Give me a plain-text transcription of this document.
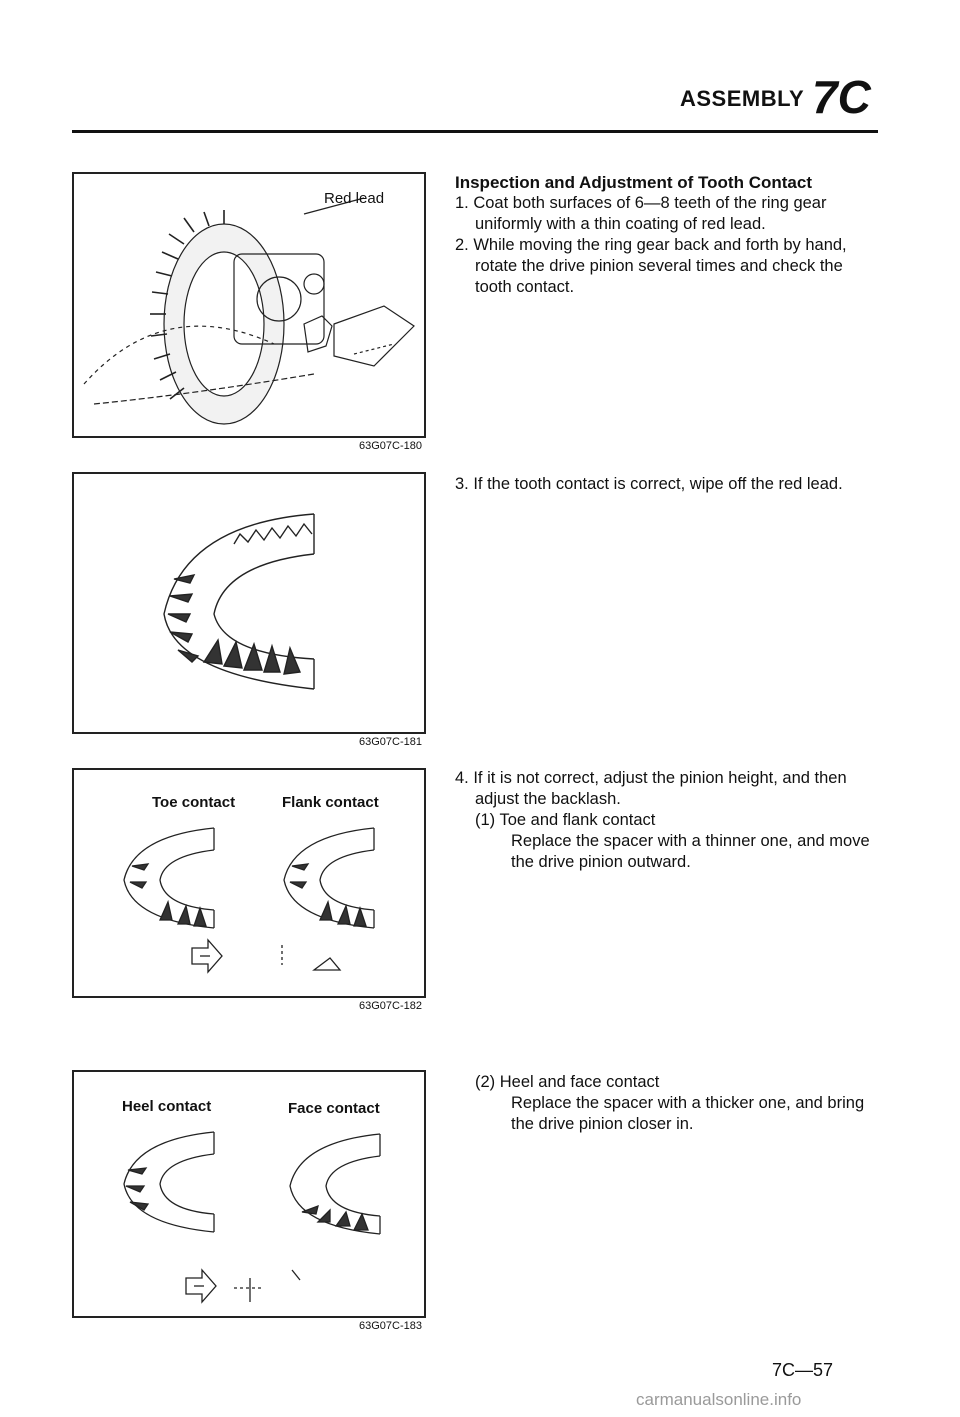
ASSEMBLY 7C
Red lead
63G07C-180
63G07C-181
Toe contact	Flank contact
63G07C-182
Heel contact	Face contact
63G07C-183
Inspection and Adjustment of Tooth Contact
1. Coat both surfaces of 6—8 teeth of the ring gear uniformly with a thin coating of red lead.
2. While moving the ring gear back and forth by hand, rotate the drive pinion several times and check the tooth contact.
3. If the tooth contact is correct, wipe off the red lead.
4. If it is not correct, adjust the pinion height, and then adjust the backlash.
(1) Toe and flank contact
Replace the spacer with a thinner one, and move the drive pinion outward.
(2) Heel and face contact
Replace the spacer with a thicker one, and bring the drive pinion closer in.
7C—57
carmanualsonline.info
